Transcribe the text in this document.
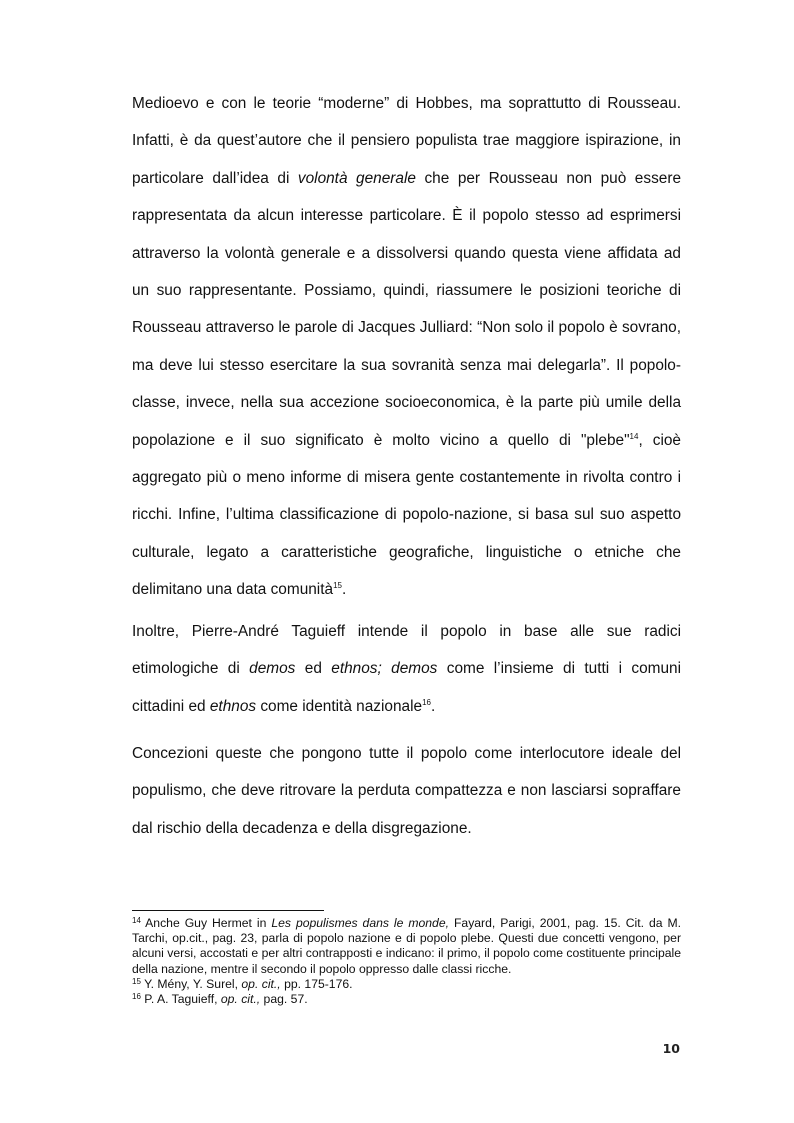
Medioevo e con le teorie “moderne” di Hobbes, ma soprattutto di Rousseau. Infatti, è da quest’autore che il pensiero populista trae maggiore ispirazione, in particolare dall’idea di volontà generale che per Rousseau non può essere rappresentata da alcun interesse particolare. È il popolo stesso ad esprimersi attraverso la volontà generale e a dissolversi quando questa viene affidata ad un suo rappresentante. Possiamo, quindi, riassumere le posizioni teoriche di Rousseau attraverso le parole di Jacques Julliard: “Non solo il popolo è sovrano, ma deve lui stesso esercitare la sua sovranità senza mai delegarla”. Il popolo-classe, invece, nella sua accezione socioeconomica, è la parte più umile della popolazione e il suo significato è molto vicino a quello di "plebe"$^{14}$, cioè aggregato più o meno informe di misera gente costantemente in rivolta contro i ricchi. Infine, l’ultima classificazione di popolo-nazione, si basa sul suo aspetto culturale, legato a caratteristiche geografiche, linguistiche o etniche che delimitano una data comunità$^{15}$.
Inoltre, Pierre-André Taguieff intende il popolo in base alle sue radici etimologiche di demos ed ethnos; demos come l’insieme di tutti i comuni cittadini ed ethnos come identità nazionale$^{16}$.
Concezioni queste che pongono tutte il popolo come interlocutore ideale del populismo, che deve ritrovare la perduta compattezza e non lasciarsi sopraffare dal rischio della decadenza e della disgregazione.

$^{14}$ Anche Guy Hermet in Les populismes dans le monde, Fayard, Parigi, 2001, pag. 15. Cit. da M. Tarchi, op.cit., pag. 23, parla di popolo nazione e di popolo plebe. Questi due concetti vengono, per alcuni versi, accostati e per altri contrapposti e indicano: il primo, il popolo come costituente principale della nazione, mentre il secondo il popolo oppresso dalle classi ricche.

$^{15}$ Y. Mény, Y. Surel, op. cit., pp. 175-176.

$^{16}$ P. A. Taguieff, op. cit., pag. 57.

10
